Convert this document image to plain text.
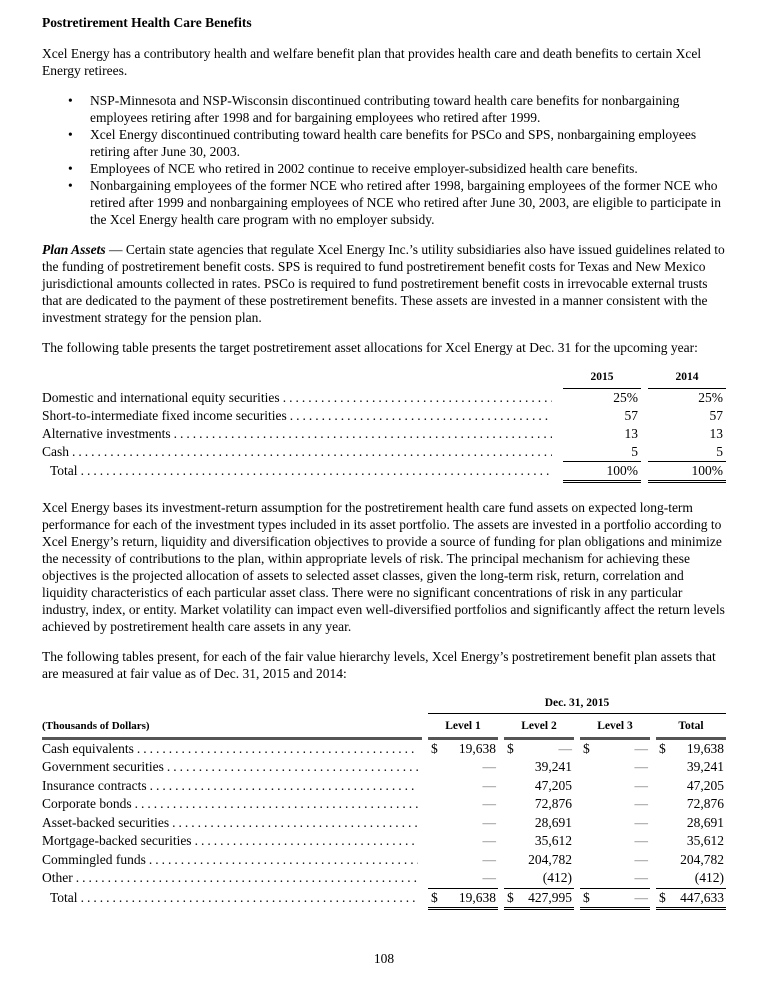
Postretirement Health Care Benefits

Xcel Energy has a contributory health and welfare benefit plan that provides health care and death benefits to certain Xcel Energy retirees.

•	NSP-Minnesota and NSP-Wisconsin discontinued contributing toward health care benefits for nonbargaining employees retiring after 1998 and for bargaining employees who retired after 1999.
•	Xcel Energy discontinued contributing toward health care benefits for PSCo and SPS, nonbargaining employees retiring after June 30, 2003.
•	Employees of NCE who retired in 2002 continue to receive employer-subsidized health care benefits.
•	Nonbargaining employees of the former NCE who retired after 1998, bargaining employees of the former NCE who retired after 1999 and nonbargaining employees of NCE who retired after June 30, 2003, are eligible to participate in the Xcel Energy health care program with no employer subsidy.

Plan Assets — Certain state agencies that regulate Xcel Energy Inc.’s utility subsidiaries also have issued guidelines related to the funding of postretirement benefit costs. SPS is required to fund postretirement benefit costs for Texas and New Mexico jurisdictional amounts collected in rates. PSCo is required to fund postretirement benefit costs in irrevocable external trusts that are dedicated to the payment of these postretirement benefits. These assets are invested in a manner consistent with the investment strategy for the pension plan.

The following table presents the target postretirement asset allocations for Xcel Energy at Dec. 31 for the upcoming year:

2015	2014
Domestic and international equity securities .....	25%	25%
Short-to-intermediate fixed income securities .....	57	57
Alternative investments .....	13	13
Cash .....	5	5
Total .....	100%	100%

Xcel Energy bases its investment-return assumption for the postretirement health care fund assets on expected long-term performance for each of the investment types included in its asset portfolio. The assets are invested in a portfolio according to Xcel Energy’s return, liquidity and diversification objectives to provide a source of funding for plan obligations and minimize the necessity of contributions to the plan, within appropriate levels of risk. The principal mechanism for achieving these objectives is the projected allocation of assets to selected asset classes, given the long-term risk, return, correlation and liquidity characteristics of each particular asset class. There were no significant concentrations of risk in any particular industry, index, or entity. Market volatility can impact even well-diversified portfolios and significantly affect the return levels achieved by postretirement health care assets in any year.

The following tables present, for each of the fair value hierarchy levels, Xcel Energy’s postretirement benefit plan assets that are measured at fair value as of Dec. 31, 2015 and 2014:

Dec. 31, 2015
(Thousands of Dollars)	Level 1	Level 2	Level 3	Total
Cash equivalents .....	$	19,638 $	— $	— $	19,638
Government securities .....	—	39,241	—	39,241
Insurance contracts .....	—	47,205	—	47,205
Corporate bonds .....	—	72,876	—	72,876
Asset-backed securities .....	—	28,691	—	28,691
Mortgage-backed securities .....	—	35,612	—	35,612
Commingled funds .....	—	204,782	—	204,782
Other .....	—	(412)	—	(412)
Total .....	$	19,638 $	427,995 $	— $	447,633
108
